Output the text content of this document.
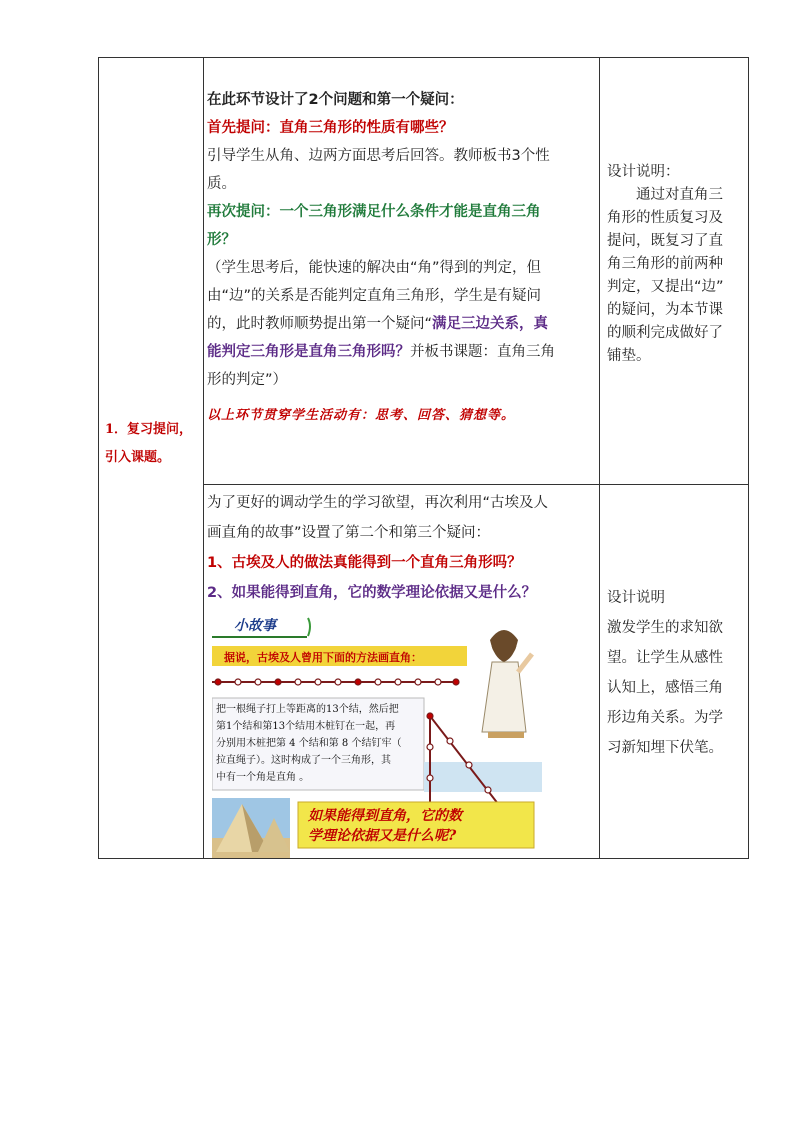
1．复习提问，
引入课题。

在此环节设计了2个问题和第一个疑问：

首先提问：直角三角形的性质有哪些？

引导学生从角、边两方面思考后回答。教师板书3个性

质。

再次提问：一个三角形满足什么条件才能是直角三角

形？

（学生思考后，能快速的解决由“角”得到的判定，但

由“边”的关系是否能判定直角三角形，学生是有疑问

的，此时教师顺势提出第一个疑问“满足三边关系，真

能判定三角形是直角三角形吗？并板书课题：直角三角

形的判定”）

以上环节贯穿学生活动有：思考、回答、猜想等。

设计说明：
　　通过对直角三
角形的性质复习及
提问，既复习了直
角三角形的前两种
判定，又提出“边”
的疑问，为本节课
的顺利完成做好了
铺垫。

为了更好的调动学生的学习欲望，再次利用“古埃及人

画直角的故事”设置了第二个和第三个疑问：

1、古埃及人的做法真能得到一个直角三角形吗？

2、如果能得到直角，它的数学理论依据又是什么？	设计说明
激发学生的求知欲
望。让学生从感性
认知上，感悟三角
形边角关系。为学
习新知埋下伏笔。
小故事
据说，古埃及人曾用下面的方法画直角：
把一根绳子打上等距离的13个结，然后把
第1个结和第13个结用木桩钉在一起，再
分别用木桩把第 4 个结和第 8 个结钉牢（
拉直绳子）。这时构成了一个三角形，其
中有一个角是直角 。
如果能得到直角，它的数
学理论依据又是什么呢?
